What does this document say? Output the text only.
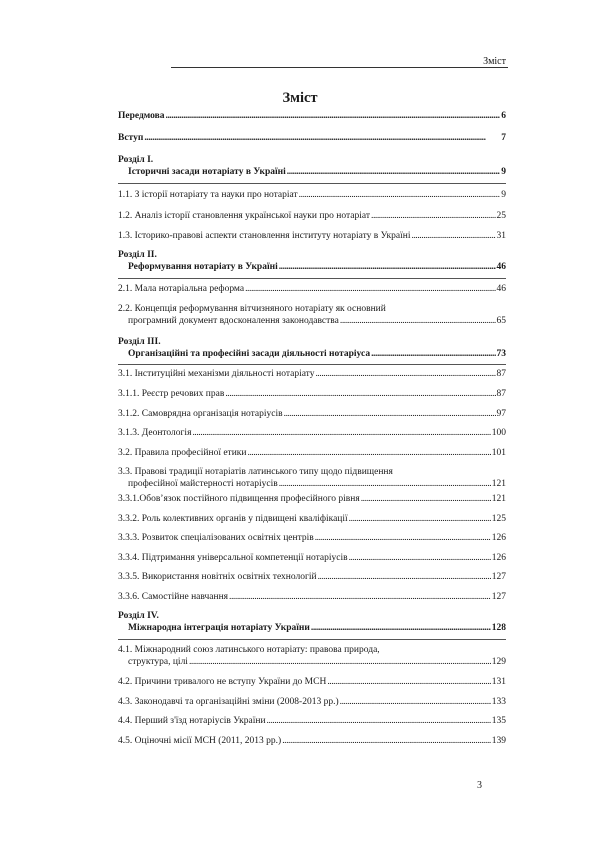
Зміст
Зміст
Передмова . . .	6
Вступ . . .	7
Розділ І.
Історичні засади нотаріату в Україні . . .	9
1.1. З історії нотаріату та науки про нотаріат . . .	9
1.2. Аналіз історії становлення української науки про нотаріат . . .	25
1.3. Історико-правові аспекти становлення інституту нотаріату в Україні . . .	31
Розділ ІІ.
Реформування нотаріату в Україні . . .	46
2.1. Мала нотаріальна реформа . . .	46
2.2. Концепція реформування вітчизняного нотаріату як основний
програмний документ вдосконалення законодавства . . .	65
Розділ ІІІ.
Організаційні та професійні засади діяльності нотаріуса . . .	73
3.1. Інституційні механізми діяльності нотаріату . . .	87
3.1.1. Реєстр речових прав . . .	87
3.1.2. Самоврядна організація нотаріусів . . .	97
3.1.3. Деонтологія . . .	100
3.2. Правила професійної етики . . .	101
3.3. Правові традиції нотаріатів латинського типу щодо підвищення
професійної майстерності нотаріусів . . .	121
3.3.1.Обов’язок постійного підвищення професійного рівня . . .	121
3.3.2. Роль колективних органів у підвищені кваліфікації . . .	125
3.3.3. Розвиток спеціалізованих освітніх центрів . . .	126
3.3.4. Підтримання універсальної компетенції нотаріусів . . .	126
3.3.5. Використання новітніх освітніх технологій . . .	127
3.3.6. Самостійне навчання . . .	127
Розділ IV.
Міжнародна інтеграція нотаріату України . . .	128
4.1. Міжнародний союз латинського нотаріату: правова природа,
структура, цілі . . .	129
4.2. Причини тривалого не вступу України до МСН . . .	131
4.3. Законодавчі та організаційні зміни (2008-2013 рр.) . . .	133
4.4. Перший з'їзд нотаріусів України . . .	135
4.5. Оціночні місії МСН (2011, 2013 рр.) . . .	139
3
